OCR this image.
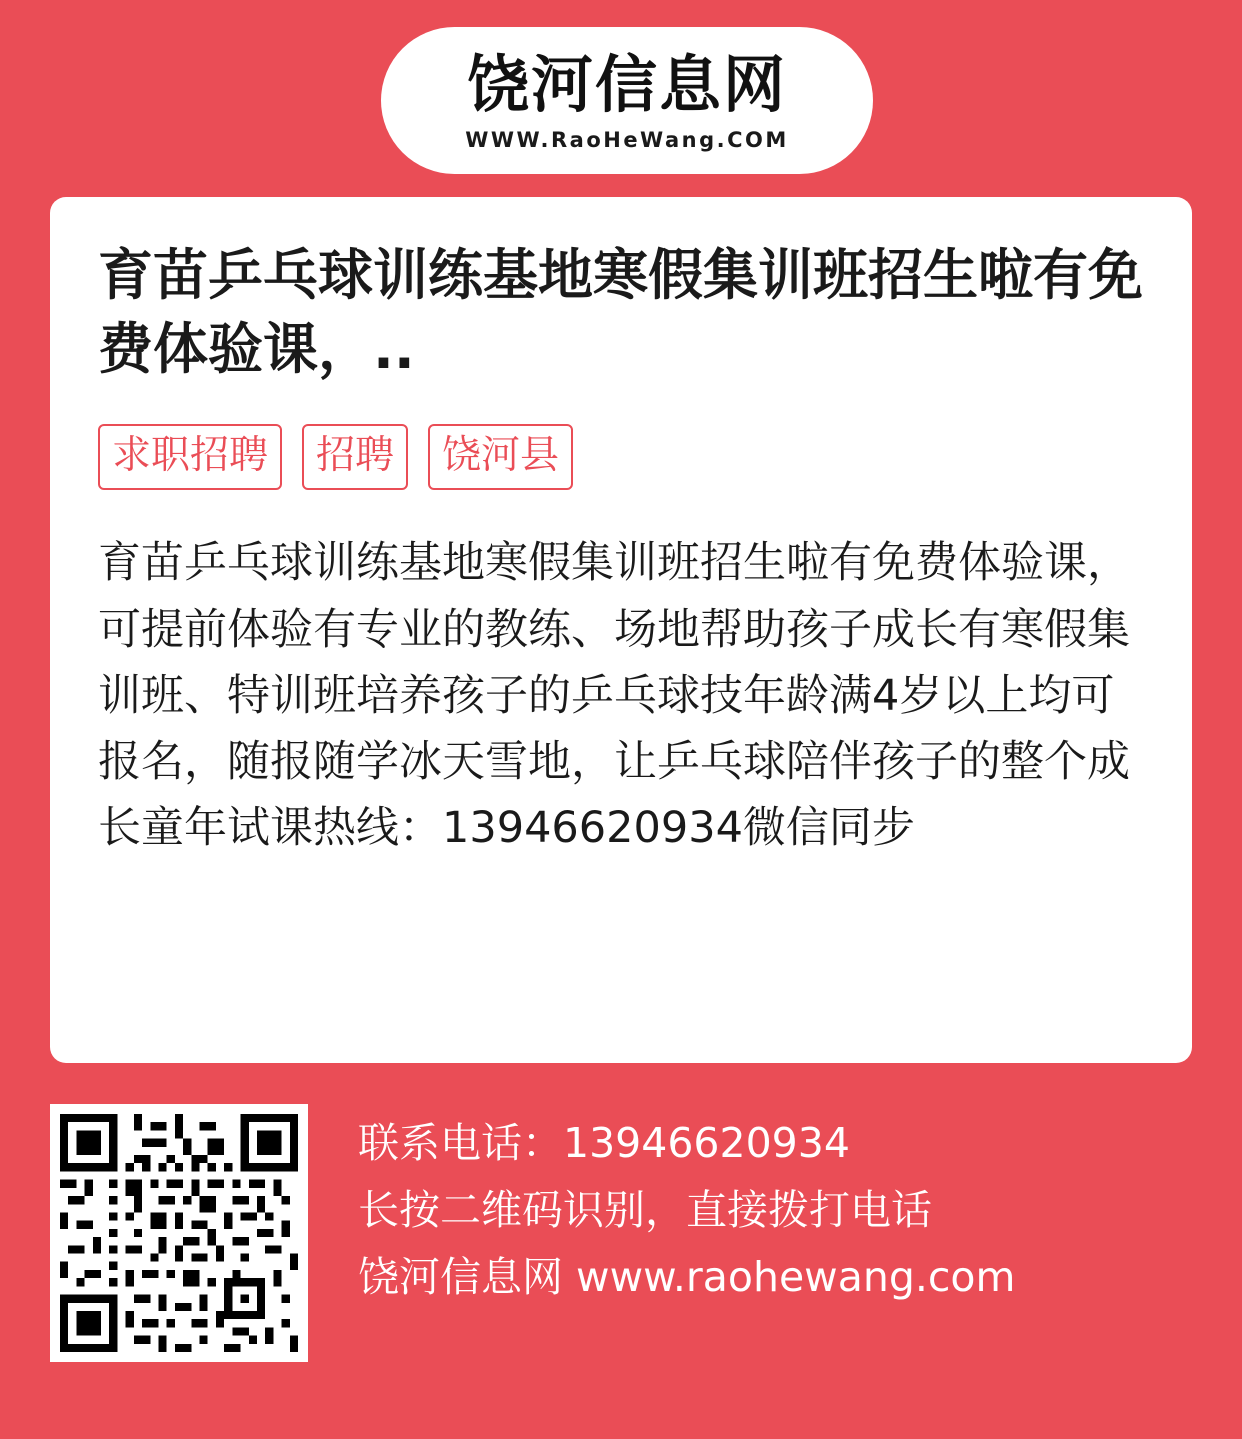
饶河信息网
WWW.RaoHeWang.COM
育苗乒乓球训练基地寒假集训班招生啦有免费体验课，..
求职招聘	招聘	饶河县
育苗乒乓球训练基地寒假集训班招生啦有免费体验课，可提前体验有专业的教练、场地帮助孩子成长有寒假集训班、特训班培养孩子的乒乓球技年龄满4岁以上均可报名，随报随学冰天雪地，让乒乓球陪伴孩子的整个成长童年试课热线：13946620934微信同步
联系电话：13946620934
长按二维码识别，直接拨打电话
饶河信息网 www.raohewang.com
